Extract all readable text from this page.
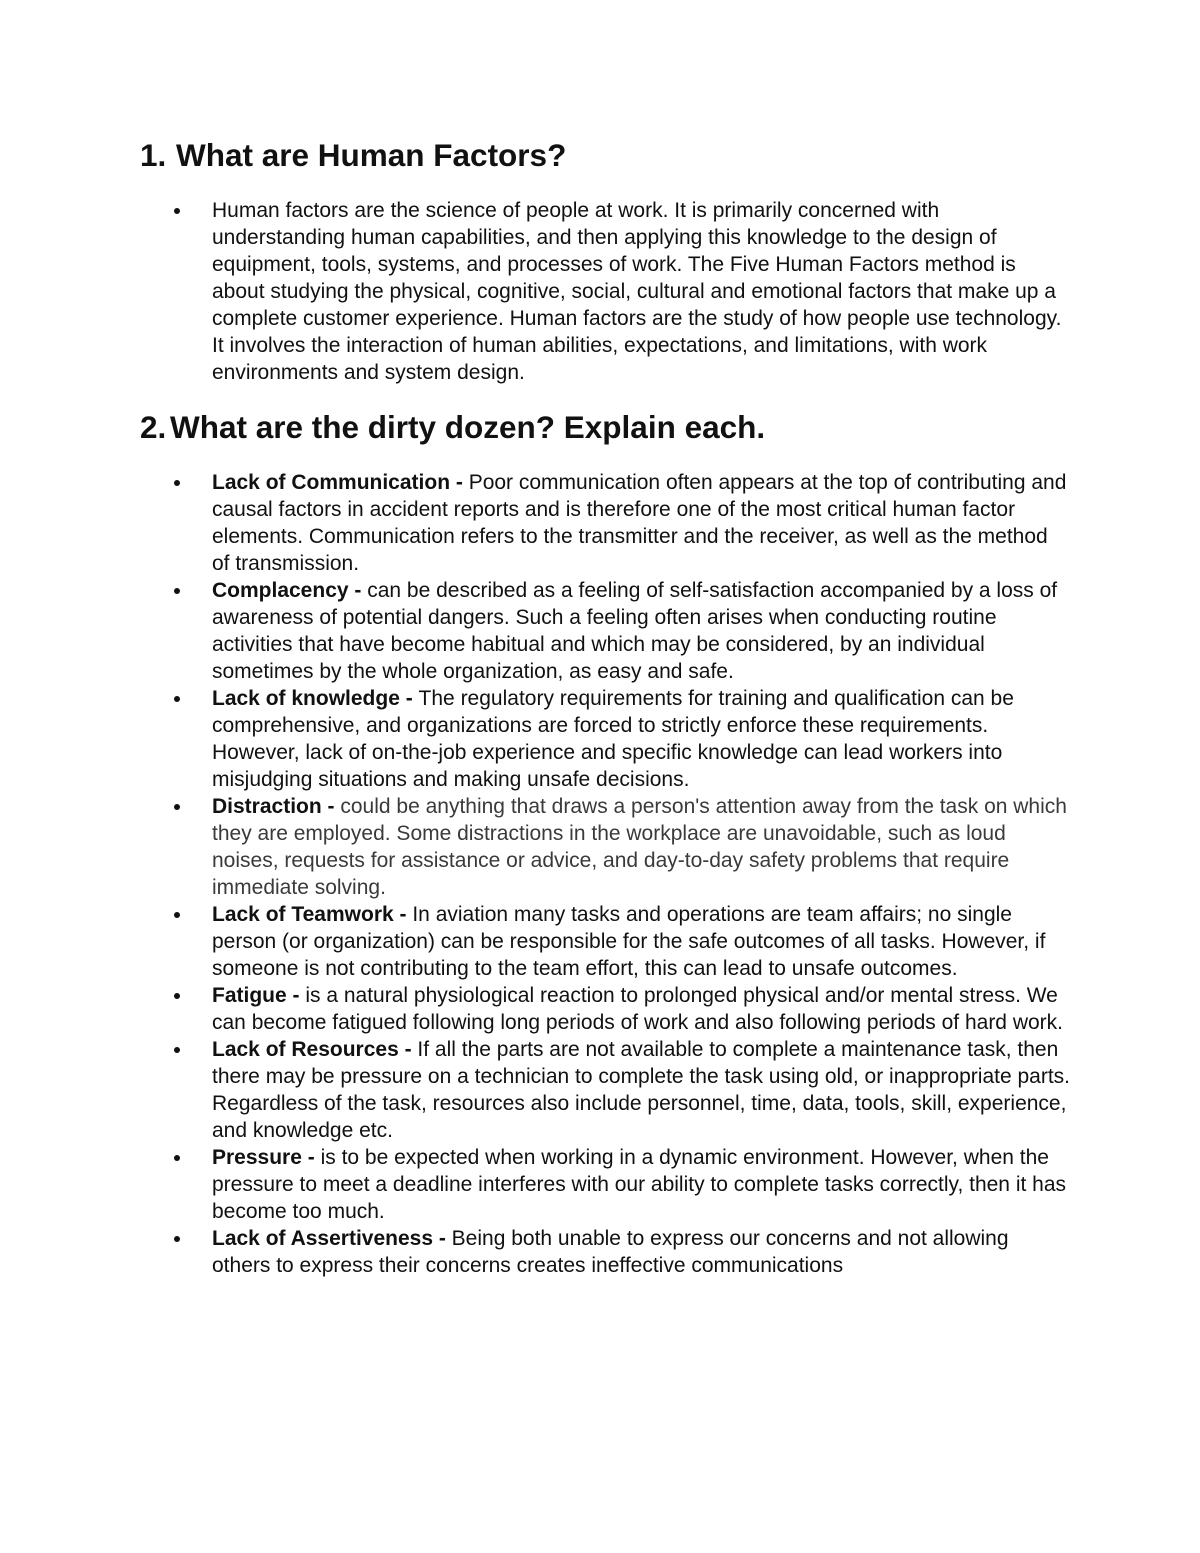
1. What are Human Factors?
Human factors are the science of people at work. It is primarily concerned with understanding human capabilities, and then applying this knowledge to the design of equipment, tools, systems, and processes of work. The Five Human Factors method is about studying the physical, cognitive, social, cultural and emotional factors that make up a complete customer experience. Human factors are the study of how people use technology. It involves the interaction of human abilities, expectations, and limitations, with work environments and system design.
2. What are the dirty dozen? Explain each.
Lack of Communication - Poor communication often appears at the top of contributing and causal factors in accident reports and is therefore one of the most critical human factor elements. Communication refers to the transmitter and the receiver, as well as the method of transmission.
Complacency - can be described as a feeling of self-satisfaction accompanied by a loss of awareness of potential dangers. Such a feeling often arises when conducting routine activities that have become habitual and which may be considered, by an individual sometimes by the whole organization, as easy and safe.
Lack of knowledge - The regulatory requirements for training and qualification can be comprehensive, and organizations are forced to strictly enforce these requirements. However, lack of on-the-job experience and specific knowledge can lead workers into misjudging situations and making unsafe decisions.
Distraction - could be anything that draws a person's attention away from the task on which they are employed. Some distractions in the workplace are unavoidable, such as loud noises, requests for assistance or advice, and day-to-day safety problems that require immediate solving.
Lack of Teamwork - In aviation many tasks and operations are team affairs; no single person (or organization) can be responsible for the safe outcomes of all tasks. However, if someone is not contributing to the team effort, this can lead to unsafe outcomes.
Fatigue - is a natural physiological reaction to prolonged physical and/or mental stress. We can become fatigued following long periods of work and also following periods of hard work.
Lack of Resources - If all the parts are not available to complete a maintenance task, then there may be pressure on a technician to complete the task using old, or inappropriate parts. Regardless of the task, resources also include personnel, time, data, tools, skill, experience, and knowledge etc.
Pressure - is to be expected when working in a dynamic environment. However, when the pressure to meet a deadline interferes with our ability to complete tasks correctly, then it has become too much.
Lack of Assertiveness - Being both unable to express our concerns and not allowing others to express their concerns creates ineffective communications
